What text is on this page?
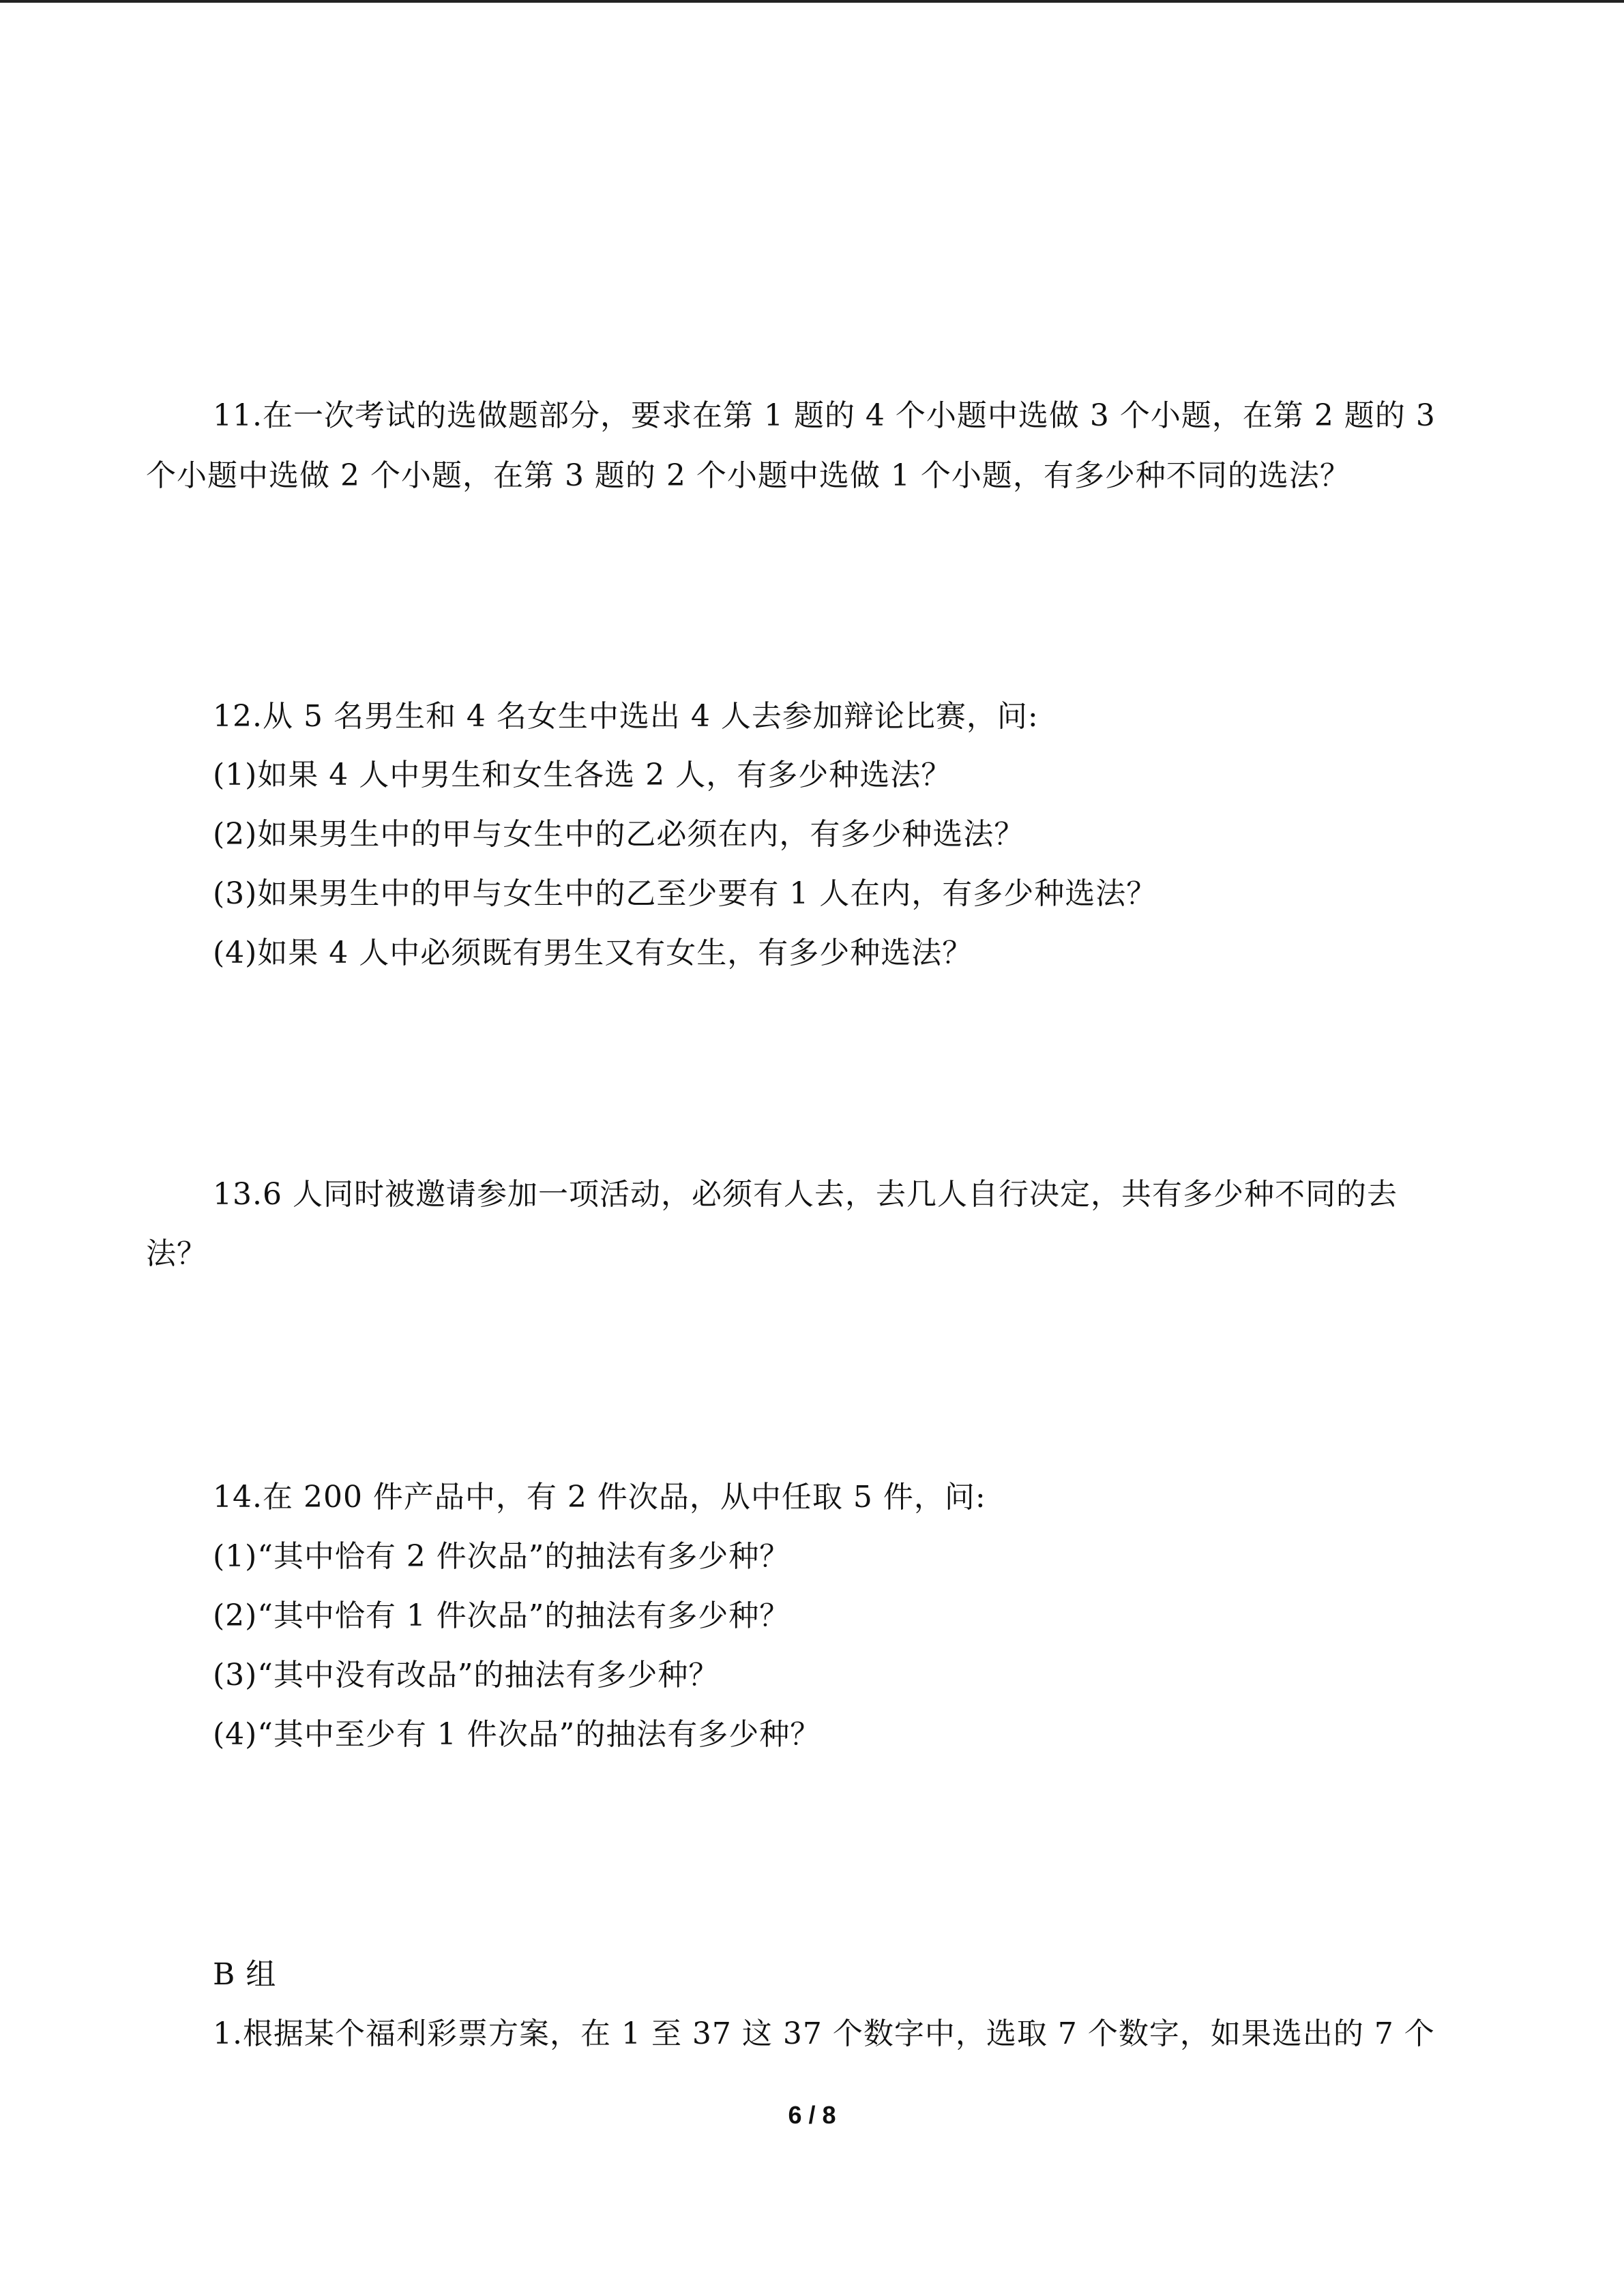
11.在一次考试的选做题部分，要求在第 1 题的 4 个小题中选做 3 个小题，在第 2 题的 3
个小题中选做 2 个小题，在第 3 题的 2 个小题中选做 1 个小题，有多少种不同的选法？
12.从 5 名男生和 4 名女生中选出 4 人去参加辩论比赛，问:
(1)如果 4 人中男生和女生各选 2 人，有多少种选法？
(2)如果男生中的甲与女生中的乙必须在内，有多少种选法？
(3)如果男生中的甲与女生中的乙至少要有 1 人在内，有多少种选法？
(4)如果 4 人中必须既有男生又有女生，有多少种选法？
13.6 人同时被邀请参加一项活动，必须有人去，去几人自行决定，共有多少种不同的去
法？
14.在 200 件产品中，有 2 件次品，从中任取 5 件，问:
(1)“其中恰有 2 件次品”的抽法有多少种？
(2)“其中恰有 1 件次品”的抽法有多少种？
(3)“其中没有改品”的抽法有多少种？
(4)“其中至少有 1 件次品”的抽法有多少种？
B 组
1.根据某个福利彩票方案，在 1 至 37 这 37 个数字中，选取 7 个数字，如果选出的 7 个
6 / 8
